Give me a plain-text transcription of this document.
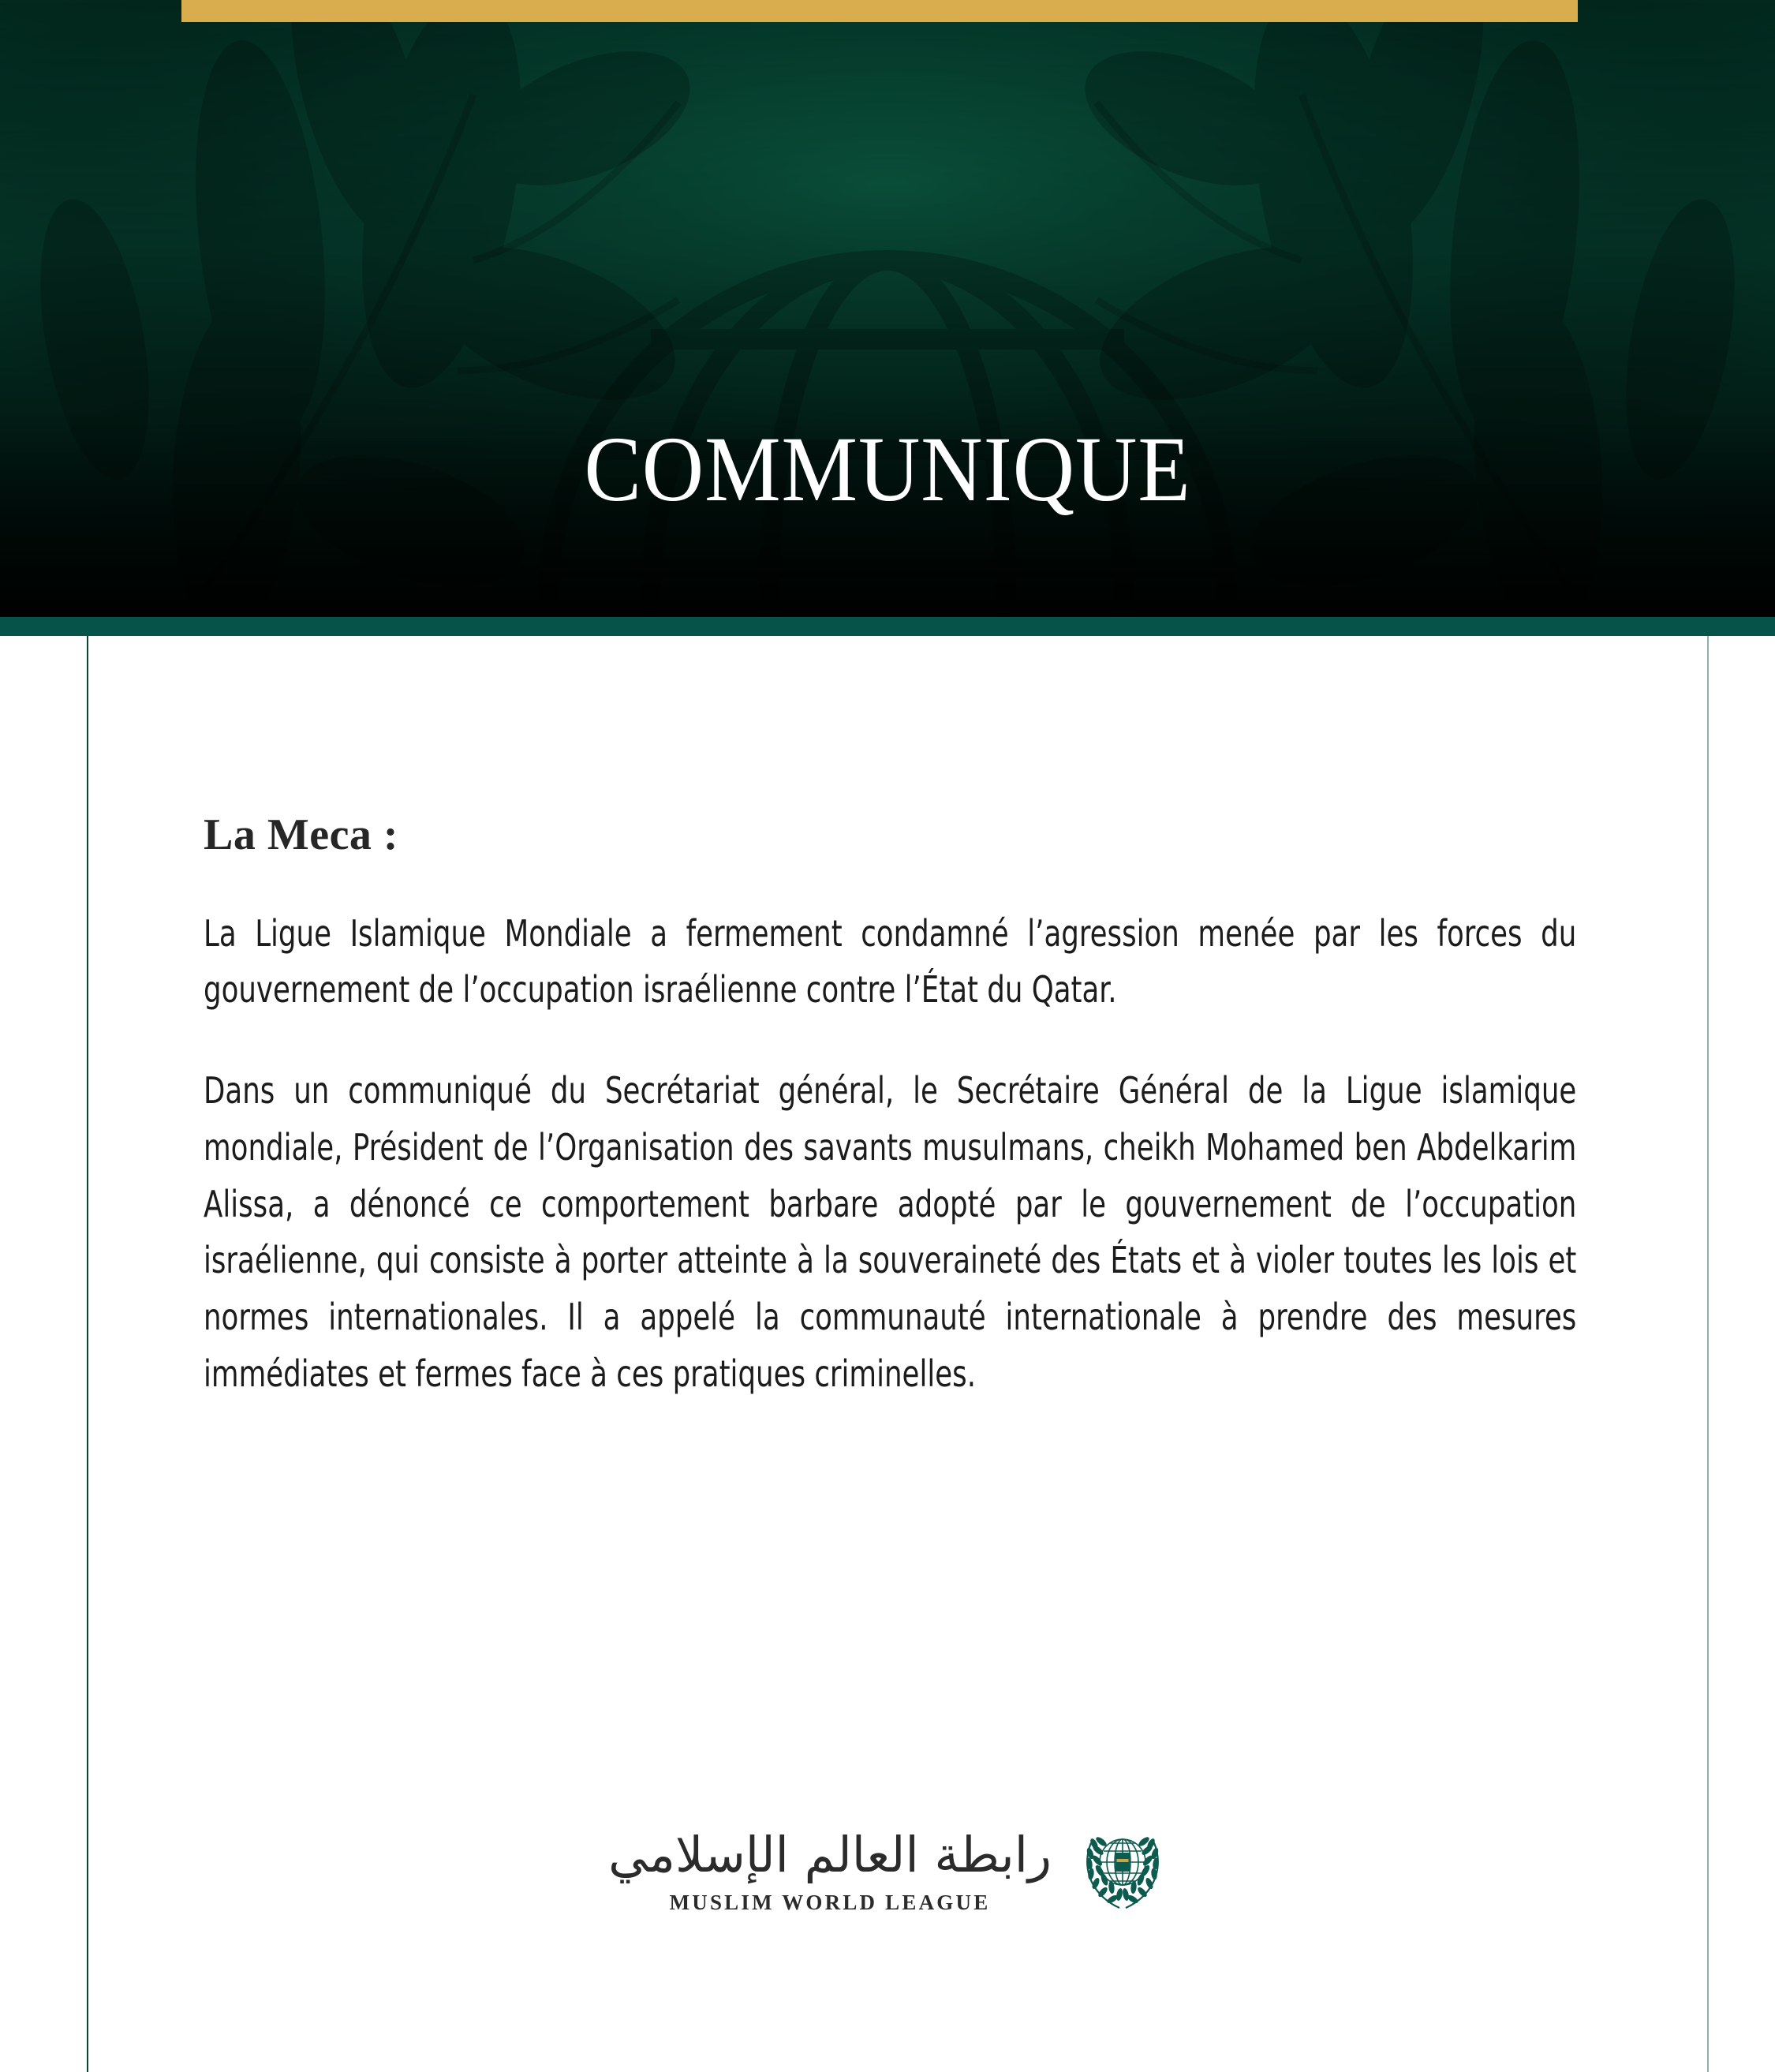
COMMUNIQUE
La Meca :

La Ligue Islamique Mondiale a fermement condamné l’agression menée par les forces du gouvernement de l’occupation israélienne contre l’État du Qatar.

Dans un communiqué du Secrétariat général, le Secrétaire Général de la Ligue islamique mondiale, Président de l’Organisation des savants musulmans, cheikh Mohamed ben Abdelkarim Alissa, a dénoncé ce comportement barbare adopté par le gouvernement de l’occupation israélienne, qui consiste à porter atteinte à la souveraineté des États et à violer toutes les lois et normes internationales. Il a appelé la communauté internationale à prendre des mesures immédiates et fermes face à ces pratiques criminelles.

رابطة العالم الإسلامي
MUSLIM WORLD LEAGUE
